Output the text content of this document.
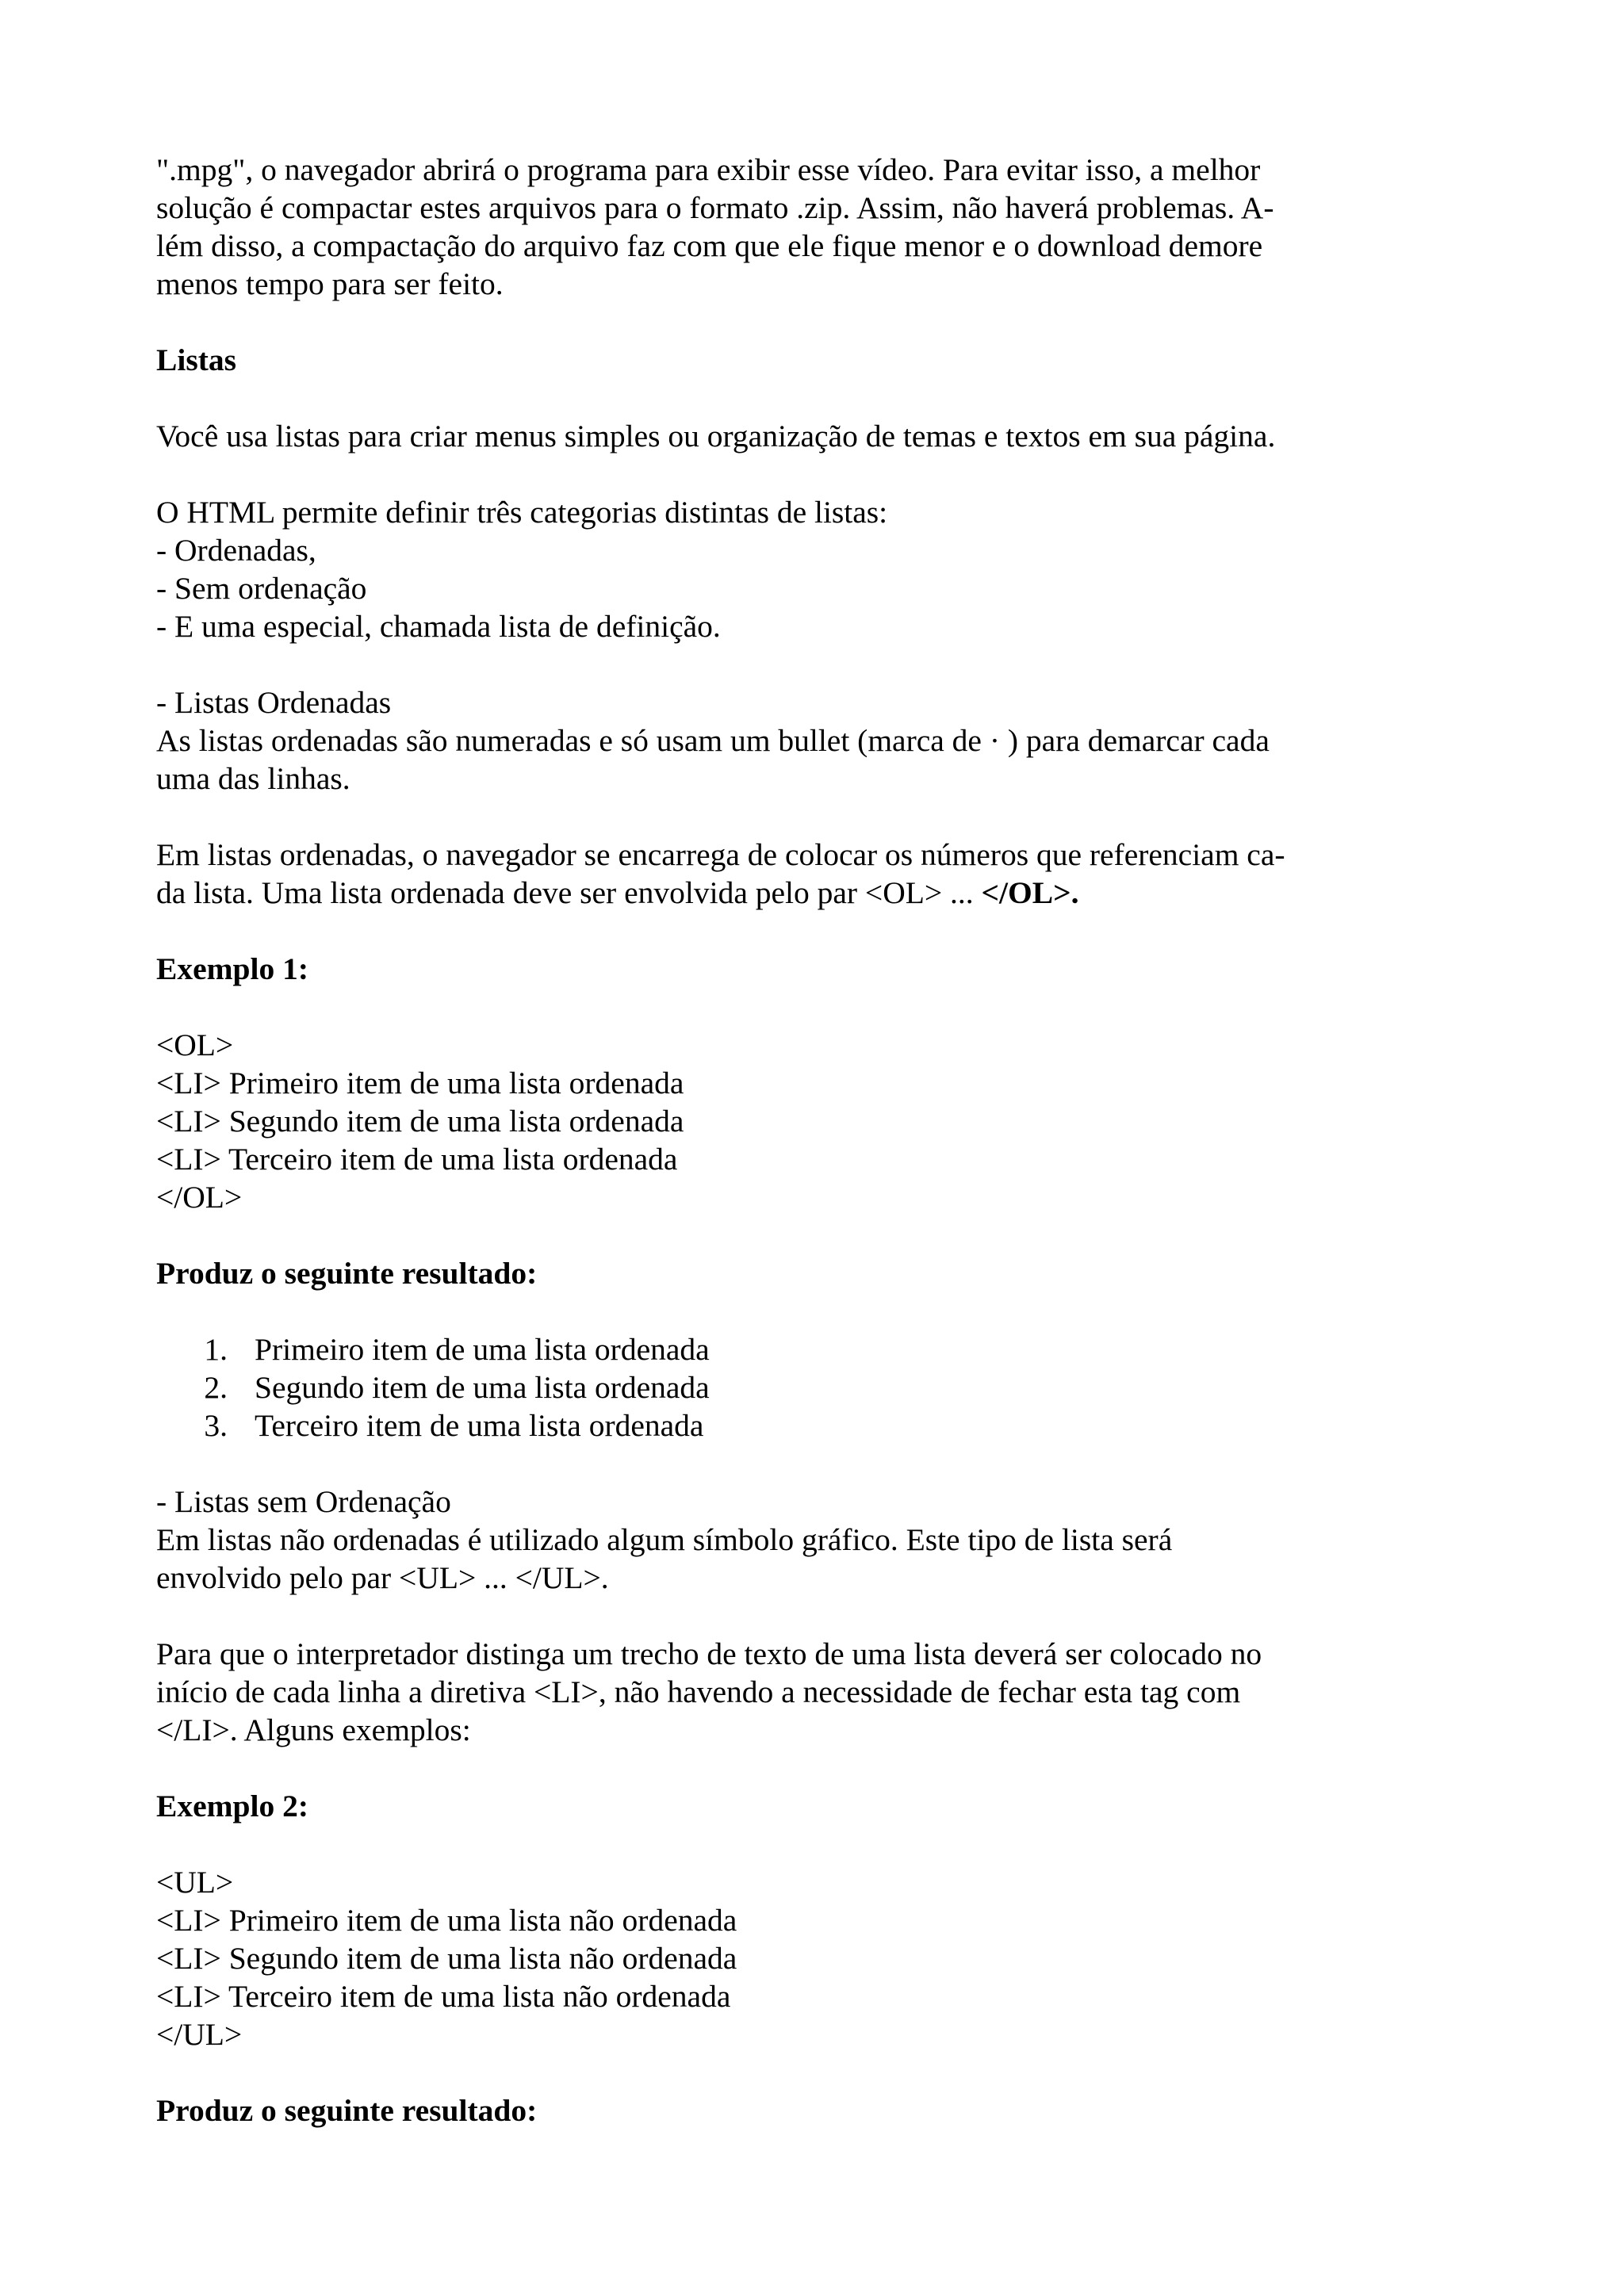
".mpg", o navegador abrirá o programa para exibir esse vídeo. Para evitar isso, a melhor
solução é compactar estes arquivos para o formato .zip. Assim, não haverá problemas. A-
lém disso, a compactação do arquivo faz com que ele fique menor e o download demore
menos tempo para ser feito.
Listas
Você usa listas para criar menus simples ou organização de temas e textos em sua página.
O HTML permite definir três categorias distintas de listas:
- Ordenadas,
- Sem ordenação
- E uma especial, chamada lista de definição.
- Listas Ordenadas
As listas ordenadas são numeradas e só usam um bullet (marca de · ) para demarcar cada
uma das linhas.
Em listas ordenadas, o navegador se encarrega de colocar os números que referenciam ca-
da lista. Uma lista ordenada deve ser envolvida pelo par <OL> ... </OL>.
Exemplo 1:
<OL>
<LI> Primeiro item de uma lista ordenada
<LI> Segundo item de uma lista ordenada
<LI> Terceiro item de uma lista ordenada
</OL>
Produz o seguinte resultado:
1. Primeiro item de uma lista ordenada
2. Segundo item de uma lista ordenada
3. Terceiro item de uma lista ordenada
- Listas sem Ordenação
Em listas não ordenadas é utilizado algum símbolo gráfico. Este tipo de lista será
envolvido pelo par <UL> ... </UL>.
Para que o interpretador distinga um trecho de texto de uma lista deverá ser colocado no
início de cada linha a diretiva <LI>, não havendo a necessidade de fechar esta tag com
</LI>. Alguns exemplos:
Exemplo 2:
<UL>
<LI> Primeiro item de uma lista não ordenada
<LI> Segundo item de uma lista não ordenada
<LI> Terceiro item de uma lista não ordenada
</UL>
Produz o seguinte resultado:
